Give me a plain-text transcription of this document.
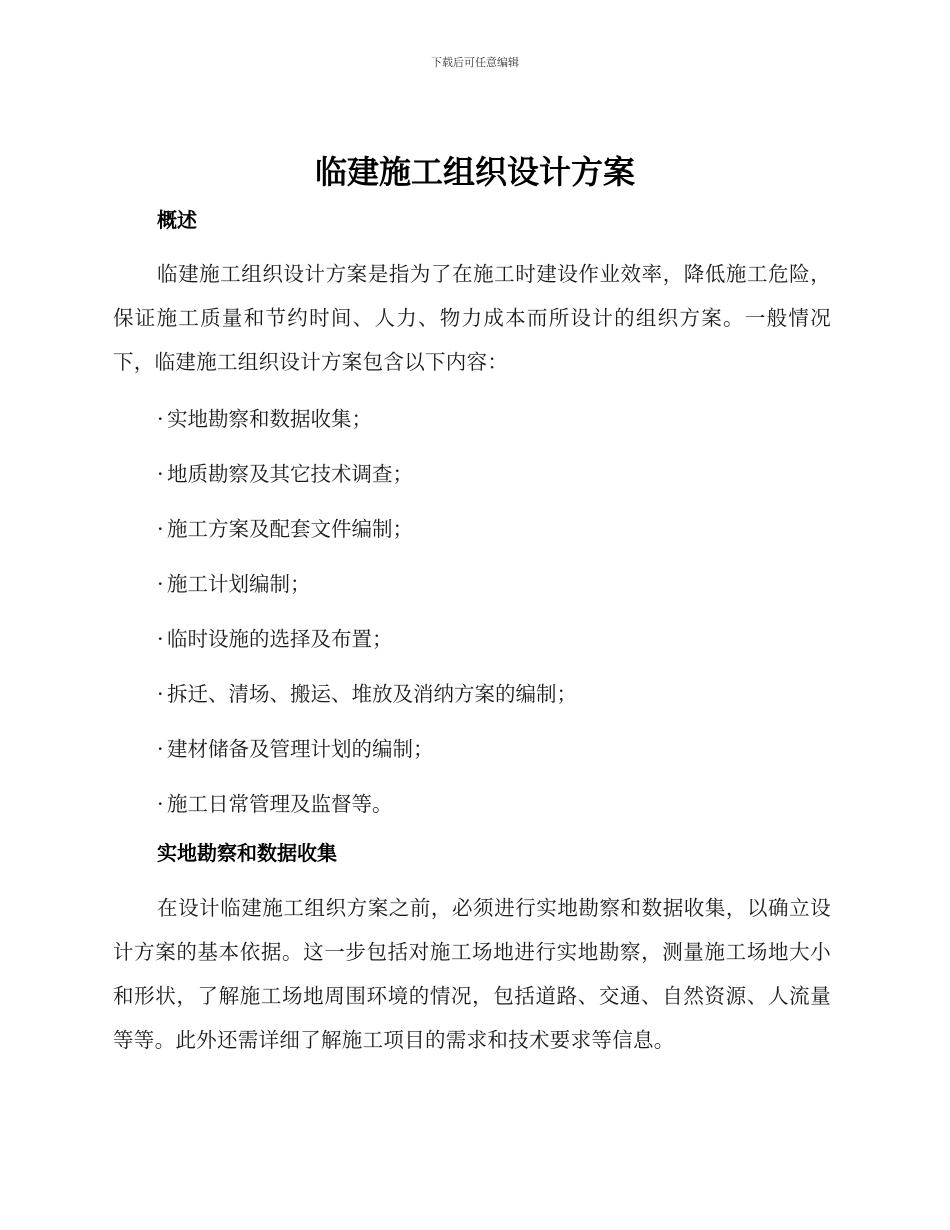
下载后可任意编辑
临建施工组织设计方案
概述

临建施工组织设计方案是指为了在施工时建设作业效率，降低施工危险，保证施工质量和节约时间、人力、物力成本而所设计的组织方案。一般情况下，临建施工组织设计方案包含以下内容：

· 实地勘察和数据收集；
· 地质勘察及其它技术调查；
· 施工方案及配套文件编制；
· 施工计划编制；
· 临时设施的选择及布置；
· 拆迁、清场、搬运、堆放及消纳方案的编制；
· 建材储备及管理计划的编制；
· 施工日常管理及监督等。
实地勘察和数据收集

在设计临建施工组织方案之前，必须进行实地勘察和数据收集，以确立设计方案的基本依据。这一步包括对施工场地进行实地勘察，测量施工场地大小和形状，了解施工场地周围环境的情况，包括道路、交通、自然资源、人流量等等。此外还需详细了解施工项目的需求和技术要求等信息。
